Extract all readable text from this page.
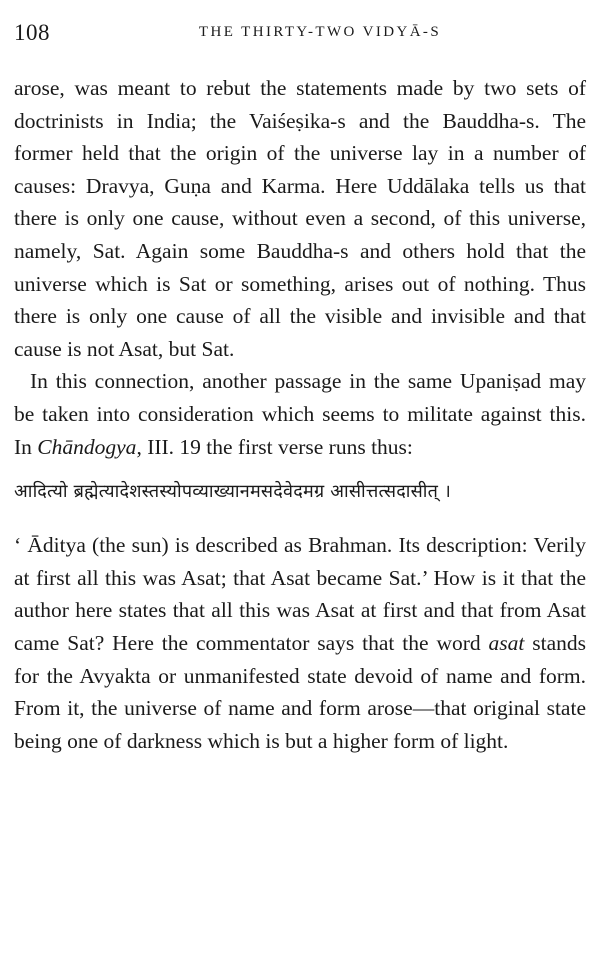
108	THE THIRTY-TWO VIDYĀ-S

arose, was meant to rebut the statements made by two sets of doctrinists in India; the Vaiśeṣika-s and the Bauddha-s. The former held that the origin of the universe lay in a number of causes: Dravya, Guṇa and Karma. Here Uddālaka tells us that there is only one cause, without even a second, of this universe, namely, Sat. Again some Bauddha-s and others hold that the universe which is Sat or something, arises out of nothing. Thus there is only one cause of all the visible and invisible and that cause is not Asat, but Sat.

In this connection, another passage in the same Upaniṣad may be taken into consideration which seems to militate against this. In Chāndogya, III. 19 the first verse runs thus:

आदित्यो ब्रह्मेत्यादेशस्तस्योपव्याख्यानमसदेवेदमग्र आसीत्तत्सदासीत् ।

‘ Āditya (the sun) is described as Brahman. Its description: Verily at first all this was Asat; that Asat became Sat.’ How is it that the author here states that all this was Asat at first and that from Asat came Sat? Here the commentator says that the word asat stands for the Avyakta or unmanifested state devoid of name and form. From it, the universe of name and form arose—that original state being one of darkness which is but a higher form of light.
